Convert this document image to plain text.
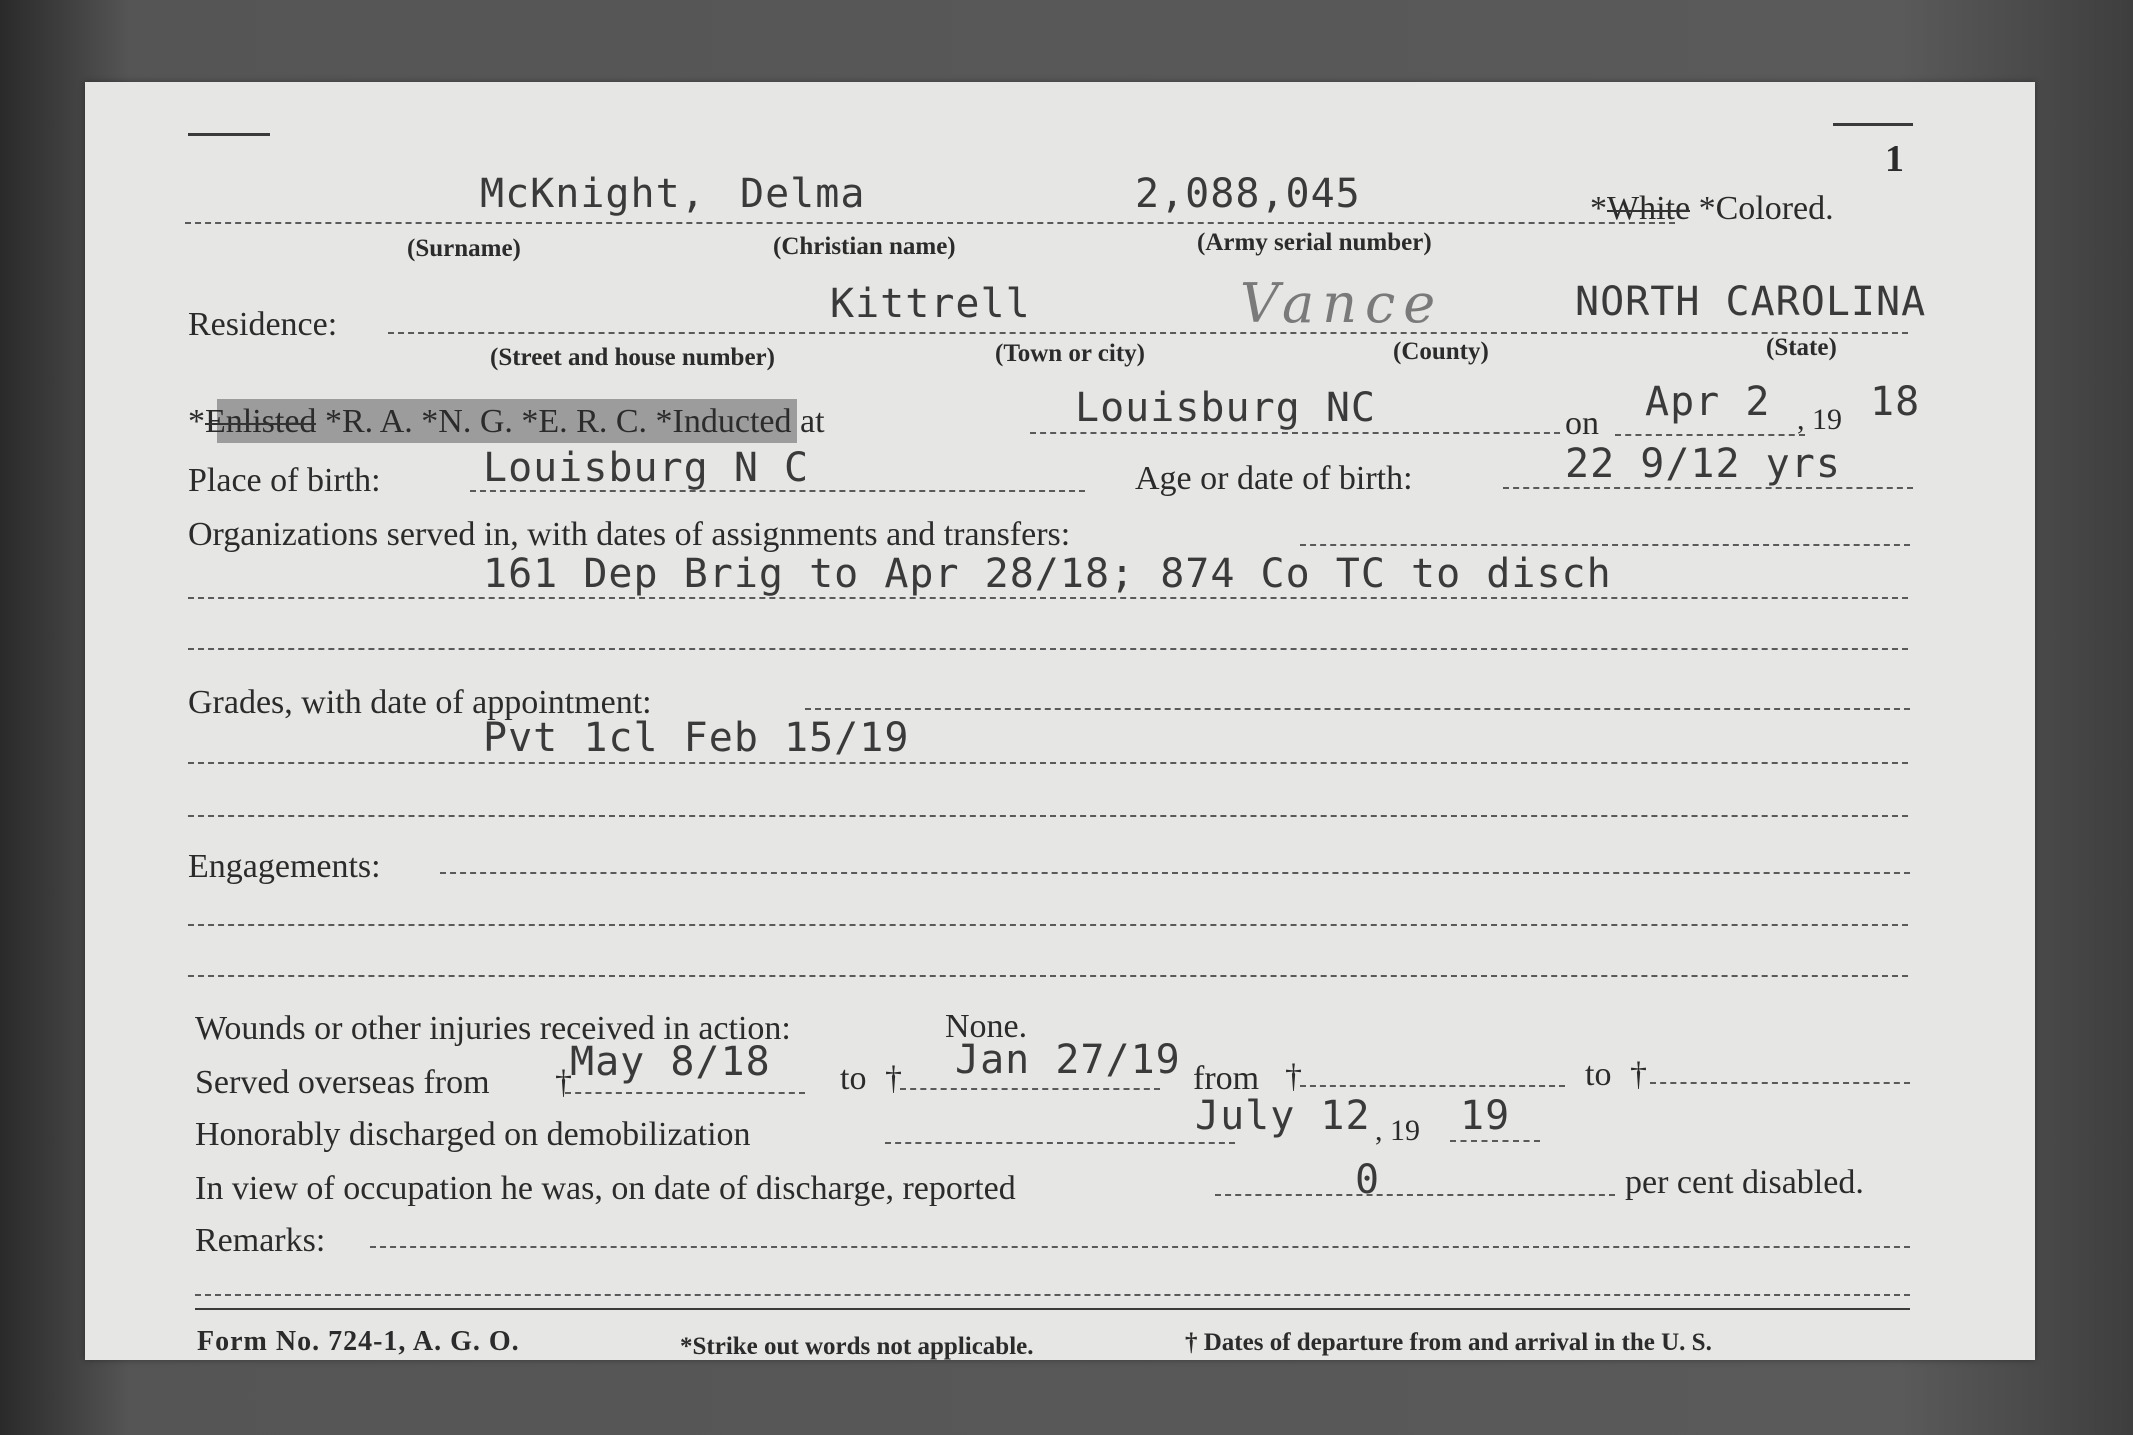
1
McKnight, Delma	2,088,045	*White *Colored.
(Surname)	(Christian name)	(Army serial number)
Residence:	Kittrell	Vance	NORTH CAROLINA
(Street and house number)	(Town or city)	(County)	(State)
*Enlisted *R. A. *N. G. *E. R. C. *Inducted at	Louisburg NC	on Apr 2 , 19 18
Place of birth:	Louisburg N C	Age or date of birth:	22 9/12 yrs
Organizations served in, with dates of assignments and transfers:
161 Dep Brig to Apr 28/18; 874 Co TC to disch
Grades, with date of appointment:
Pvt 1cl Feb 15/19
Engagements:
Wounds or other injuries received in action:	None.
Served overseas from †
May 8/18 to † Jan 27/19 from †	to †
Honorably discharged on demobilization	July 12 , 19 19
In view of occupation he was, on date of discharge, reported	0	per cent disabled.
Remarks:
Form No. 724-1, A. G. O.	*Strike out words not applicable.	† Dates of departure from and arrival in the U. S.
